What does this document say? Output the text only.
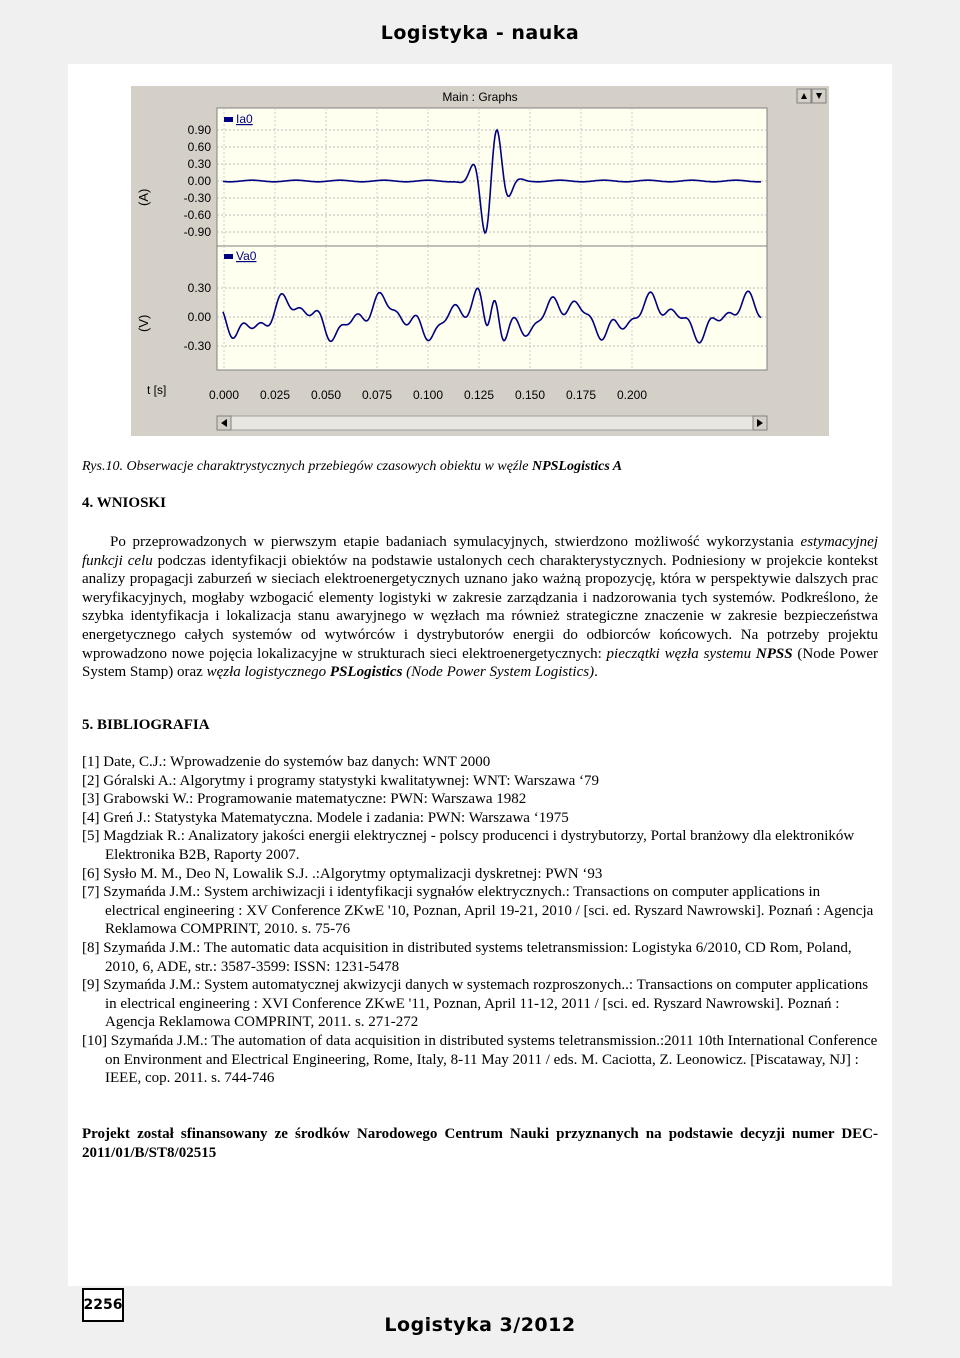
Logistyka - nauka
Main : Graphs
(A)
0.90
0.60
0.30
0.00
-0.30
-0.60
-0.90
Ia0
(V)
0.30
0.00
-0.30
Va0
t [s]	0.000 0.025 0.050 0.075 0.100 0.125 0.150 0.175 0.200
Rys.10. Obserwacje charaktrystycznych przebiegów czasowych obiektu w węźle NPSLogistics A
4. WNIOSKI

Po przeprowadzonych w pierwszym etapie badaniach symulacyjnych, stwierdzono możliwość wykorzystania estymacyjnej funkcji celu podczas identyfikacji obiektów na podstawie ustalonych cech charakterystycznych. Podniesiony w projekcie kontekst analizy propagacji zaburzeń w sieciach elektroenergetycznych uznano jako ważną propozycję, która w perspektywie dalszych prac weryfikacyjnych, mogłaby wzbogacić elementy logistyki w zakresie zarządzania i nadzorowania tych systemów. Podkreślono, że szybka identyfikacja i lokalizacja stanu awaryjnego w węzłach ma również strategiczne znaczenie w zakresie bezpieczeństwa energetycznego całych systemów od wytwórców i dystrybutorów energii do odbiorców końcowych. Na potrzeby projektu wprowadzono nowe pojęcia lokalizacyjne w strukturach sieci elektroenergetycznych: pieczątki węzła systemu NPSS (Node Power System Stamp) oraz węzła logistycznego PSLogistics (Node Power System Logistics).

5. BIBLIOGRAFIA
[1] Date, C.J.: Wprowadzenie do systemów baz danych: WNT 2000
[2] Góralski A.: Algorytmy i programy statystyki kwalitatywnej: WNT: Warszawa ‘79
[3] Grabowski W.: Programowanie matematyczne: PWN: Warszawa 1982
[4] Greń J.: Statystyka Matematyczna. Modele i zadania: PWN: Warszawa ‘1975
[5] Magdziak R.: Analizatory jakości energii elektrycznej - polscy producenci i dystrybutorzy, Portal branżowy dla elektroników Elektronika B2B, Raporty 2007.
[6] Sysło M. M., Deo N, Lowalik S.J. .:Algorytmy optymalizacji dyskretnej: PWN ‘93
[7] Szymańda J.M.: System archiwizacji i identyfikacji sygnałów elektrycznych.: Transactions on computer applications in electrical engineering : XV Conference ZKwE '10, Poznan, April 19-21, 2010 / [sci. ed. Ryszard Nawrowski]. Poznań : Agencja Reklamowa COMPRINT, 2010. s. 75-76
[8] Szymańda J.M.: The automatic data acquisition in distributed systems teletransmission: Logistyka 6/2010, CD Rom, Poland, 2010, 6, ADE, str.: 3587-3599: ISSN: 1231-5478
[9] Szymańda J.M.: System automatycznej akwizycji danych w systemach rozproszonych..: Transactions on computer applications in electrical engineering : XVI Conference ZKwE '11, Poznan, April 11-12, 2011 / [sci. ed. Ryszard Nawrowski]. Poznań : Agencja Reklamowa COMPRINT, 2011. s. 271-272
[10] Szymańda J.M.: The automation of data acquisition in distributed systems teletransmission.:2011 10th International Conference on Environment and Electrical Engineering, Rome, Italy, 8-11 May 2011 / eds. M. Caciotta, Z. Leonowicz. [Piscataway, NJ] : IEEE, cop. 2011. s. 744-746
Projekt został sfinansowany ze środków Narodowego Centrum Nauki przyznanych na podstawie decyzji numer DEC-2011/01/B/ST8/02515
2256
Logistyka 3/2012
